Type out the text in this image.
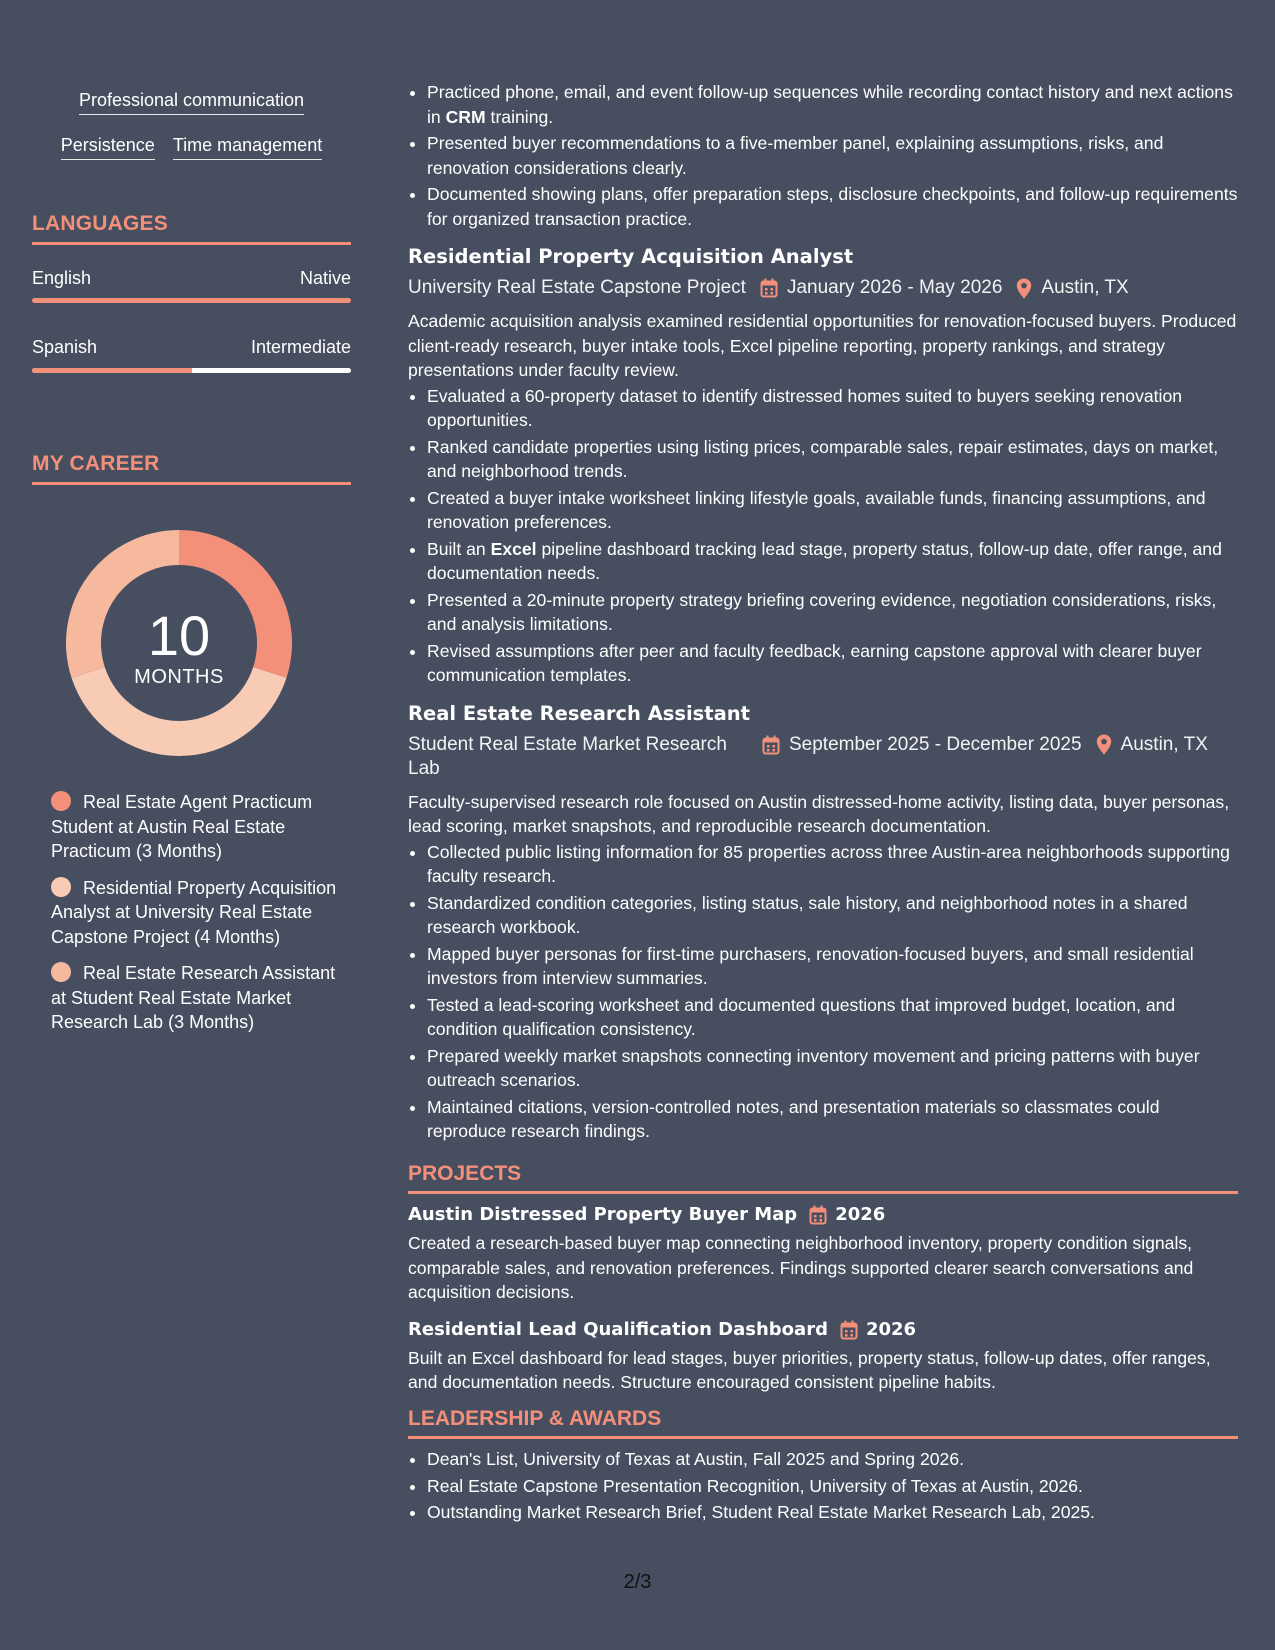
Professional communication
Persistence Time management
LANGUAGES
English	Native
Spanish	Intermediate
MY CAREER
10
MONTHS
Real Estate Agent Practicum Student at Austin Real Estate Practicum (3 Months)
Residential Property Acquisition Analyst at University Real Estate Capstone Project (4 Months)
Real Estate Research Assistant at Student Real Estate Market Research Lab (3 Months)
• Practiced phone, email, and event follow-up sequences while recording contact history and next actions in CRM training.
• Presented buyer recommendations to a five-member panel, explaining assumptions, risks, and renovation considerations clearly.
• Documented showing plans, offer preparation steps, disclosure checkpoints, and follow-up requirements for organized transaction practice.
Residential Property Acquisition Analyst
University Real Estate Capstone Project January 2026 - May 2026 Austin, TX
Academic acquisition analysis examined residential opportunities for renovation-focused buyers. Produced client-ready research, buyer intake tools, Excel pipeline reporting, property rankings, and strategy presentations under faculty review.
• Evaluated a 60-property dataset to identify distressed homes suited to buyers seeking renovation opportunities.
• Ranked candidate properties using listing prices, comparable sales, repair estimates, days on market, and neighborhood trends.
• Created a buyer intake worksheet linking lifestyle goals, available funds, financing assumptions, and renovation preferences.
• Built an Excel pipeline dashboard tracking lead stage, property status, follow-up date, offer range, and documentation needs.
• Presented a 20-minute property strategy briefing covering evidence, negotiation considerations, risks, and analysis limitations.
• Revised assumptions after peer and faculty feedback, earning capstone approval with clearer buyer communication templates.
Real Estate Research Assistant
Student Real Estate Market Research Lab
September 2025 - December 2025 Austin, TX
Faculty-supervised research role focused on Austin distressed-home activity, listing data, buyer personas, lead scoring, market snapshots, and reproducible research documentation.
• Collected public listing information for 85 properties across three Austin-area neighborhoods supporting faculty research.
• Standardized condition categories, listing status, sale history, and neighborhood notes in a shared research workbook.
• Mapped buyer personas for first-time purchasers, renovation-focused buyers, and small residential investors from interview summaries.
• Tested a lead-scoring worksheet and documented questions that improved budget, location, and condition qualification consistency.
• Prepared weekly market snapshots connecting inventory movement and pricing patterns with buyer outreach scenarios.
• Maintained citations, version-controlled notes, and presentation materials so classmates could reproduce research findings.
PROJECTS
Austin Distressed Property Buyer Map 2026
Created a research-based buyer map connecting neighborhood inventory, property condition signals, comparable sales, and renovation preferences. Findings supported clearer search conversations and acquisition decisions.
Residential Lead Qualification Dashboard 2026
Built an Excel dashboard for lead stages, buyer priorities, property status, follow-up dates, offer ranges, and documentation needs. Structure encouraged consistent pipeline habits.
LEADERSHIP & AWARDS
• Dean's List, University of Texas at Austin, Fall 2025 and Spring 2026.
• Real Estate Capstone Presentation Recognition, University of Texas at Austin, 2026.
• Outstanding Market Research Brief, Student Real Estate Market Research Lab, 2025.
2/3
